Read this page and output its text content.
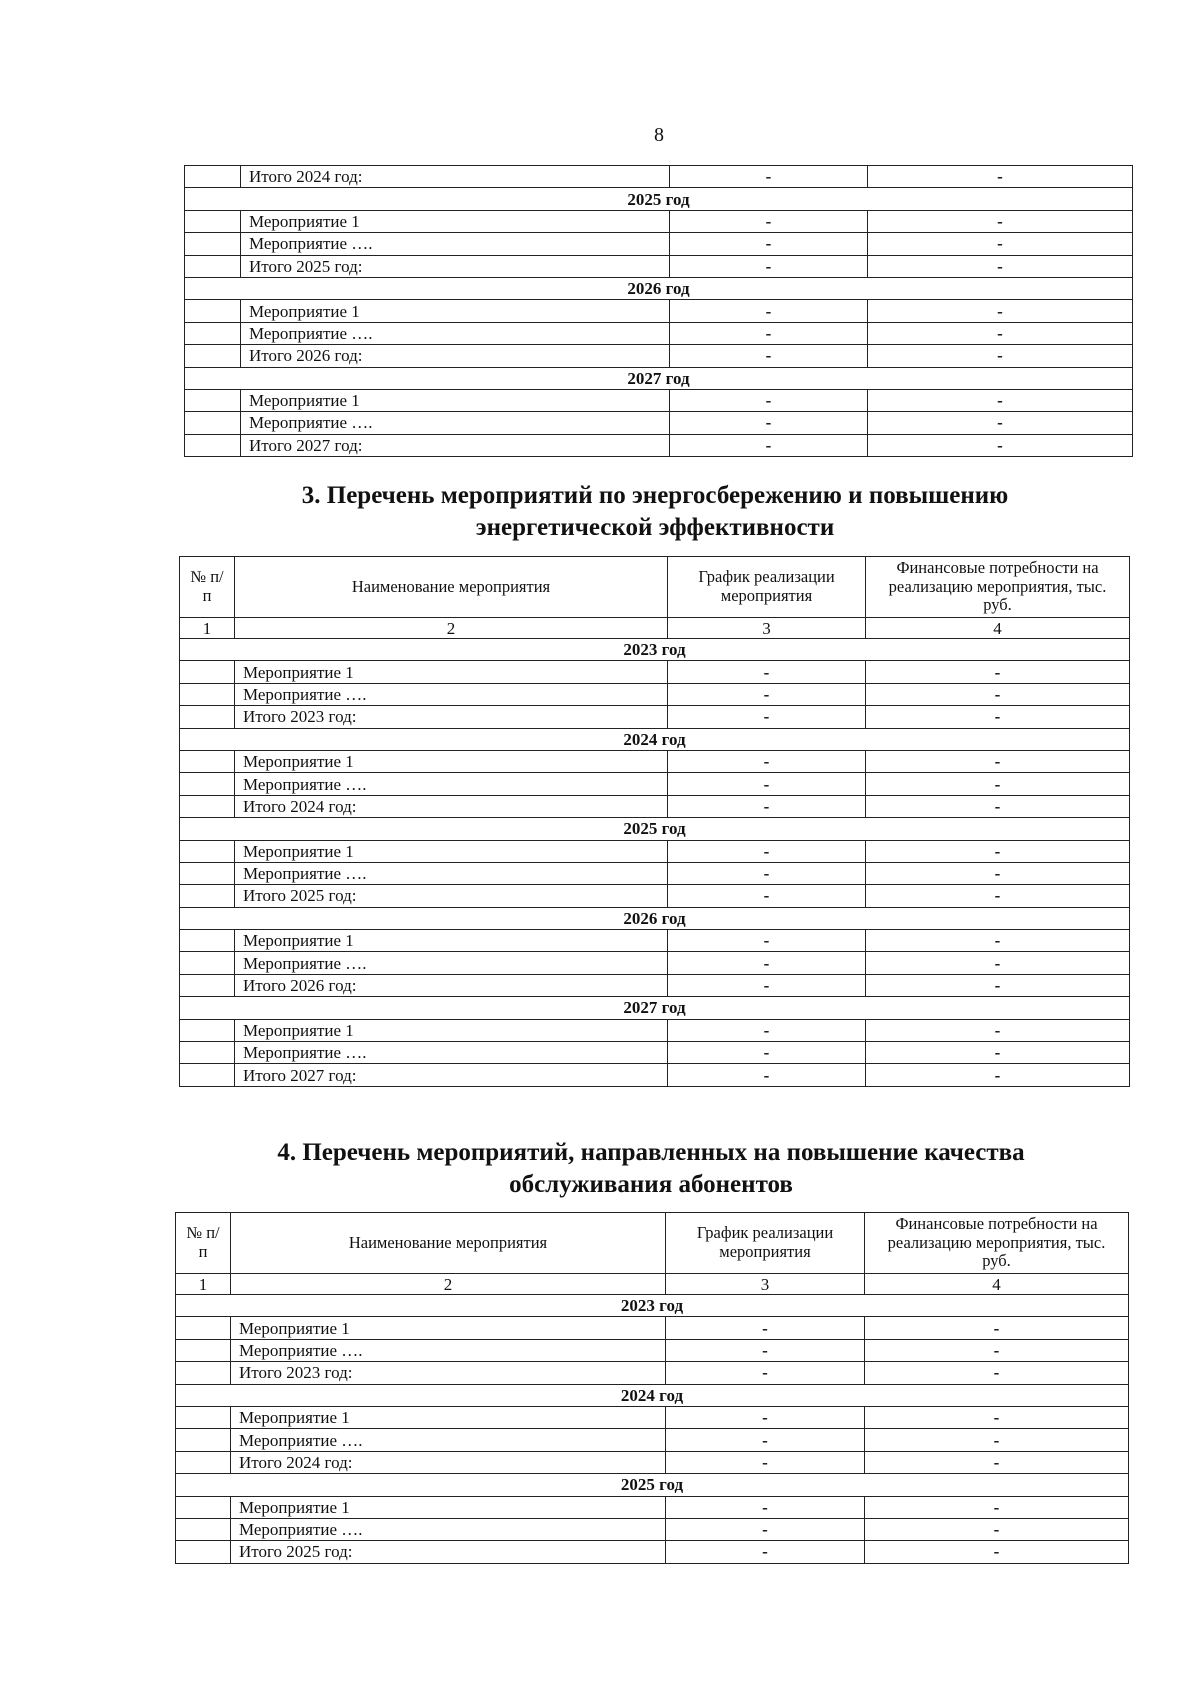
8
	Итого 2024 год:	-	-
2025 год			
	Мероприятие 1	-	-
	Мероприятие ….	-	-
	Итого 2025 год:	-	-
2026 год			
	Мероприятие 1	-	-
	Мероприятие ….	-	-
	Итого 2026 год:	-	-
2027 год			
	Мероприятие 1	-	-
	Мероприятие ….	-	-
	Итого 2027 год:	-	-
3. Перечень мероприятий по энергосбережению и повышению
энергетической эффективности
№ п/п	Наименование мероприятия	График реализации мероприятия	Финансовые потребности на реализацию мероприятия, тыс. руб.
1	2	3	4
2023 год			
	Мероприятие 1	-	-
	Мероприятие ….	-	-
	Итого 2023 год:	-	-
2024 год			
	Мероприятие 1	-	-
	Мероприятие ….	-	-
	Итого 2024 год:	-	-
2025 год			
	Мероприятие 1	-	-
	Мероприятие ….	-	-
	Итого 2025 год:	-	-
2026 год			
	Мероприятие 1	-	-
	Мероприятие ….	-	-
	Итого 2026 год:	-	-
2027 год			
	Мероприятие 1	-	-
	Мероприятие ….	-	-
	Итого 2027 год:	-	-
4. Перечень мероприятий, направленных на повышение качества
обслуживания абонентов
№ п/п	Наименование мероприятия	График реализации мероприятия	Финансовые потребности на реализацию мероприятия, тыс. руб.
1	2	3	4
2023 год			
	Мероприятие 1	-	-
	Мероприятие ….	-	-
	Итого 2023 год:	-	-
2024 год			
	Мероприятие 1	-	-
	Мероприятие ….	-	-
	Итого 2024 год:	-	-
2025 год			
	Мероприятие 1	-	-
	Мероприятие ….	-	-
	Итого 2025 год:	-	-
